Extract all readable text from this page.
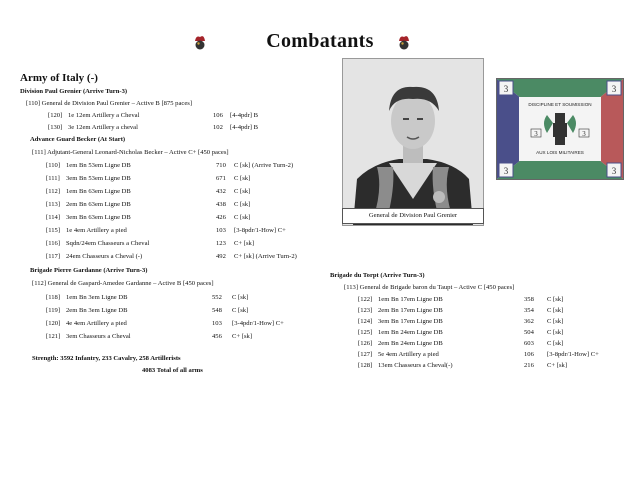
Combatants
Army of Italy (-)
Division Paul Grenier (Arrive Turn-3)
[110] General de Division Paul Grenier – Active B [875 paces]
[120] 1e 12em Artillery a Cheval	106 [4-4pdr] B
[130] 3e 12em Artillery a cheval	102 [4-4pdr] B
Advance Guard Becker (At Start)
[111] Adjutant-General Leonard-Nicholas Becker – Active C+ [450 paces]
[110] 1em Bn 53em Ligne DB	710 C [sk] (Arrive Turn-2)
[111] 3em Bn 53em Ligne DB	671 C [sk]
[112] 1em Bn 63em Ligne DB	432 C [sk]
[113] 2em Bn 63em Ligne DB	438 C [sk]
[114] 3em Bn 63em Ligne DB	426 C [sk]
[115] 1e 4em Artillery a pied	103 [3-8pdr/1-How] C+
[116] Sqdn/24em Chasseurs a Cheval	123 C+ [sk]
[117] 24em Chasseurs a Cheval (-)	492 C+ [sk] (Arrive Turn-2)
Brigade Pierre Gardanne (Arrive Turn-3)
[112] General de Gaspard-Amedee Gardanne – Active B [450 paces]
[118] 1em Bn 3em Ligne DB	552 C [sk]
[119] 2em Bn 3em Ligne DB	548 C [sk]
[120] 4e 4em Artillery a pied	103 [3-4pdr/1-How] C+
[121] 3em Chasseurs a Cheval	456 C+ [sk]
Strength: 3592 Infantry, 233 Cavalry, 258 Artillerists
4083 Total of all arms
Brigade du Torpt (Arrive Turn-3)
[113] General de Brigade baron du Taupt – Active C [450 paces]
[122] 1em Bn 17em Ligne DB	358 C [sk]
[123] 2em Bn 17em Ligne DB	354 C [sk]
[124] 3em Bn 17em Ligne DB	362 C [sk]
[125] 1em Bn 24em Ligne DB	504 C [sk]
[126] 2em Bn 24em Ligne DB	603 C [sk]
[127] 5e 4em Artillery a pied	106 [3-8pdr/1-How] C+
[128] 13em Chasseurs a Cheval(-)	216 C+ [sk]
General de Division Paul Grenier
3	3
3	3
DISCIPLINE ET SOUMISSION
3	3
AUX LOIS MILITAIRES
